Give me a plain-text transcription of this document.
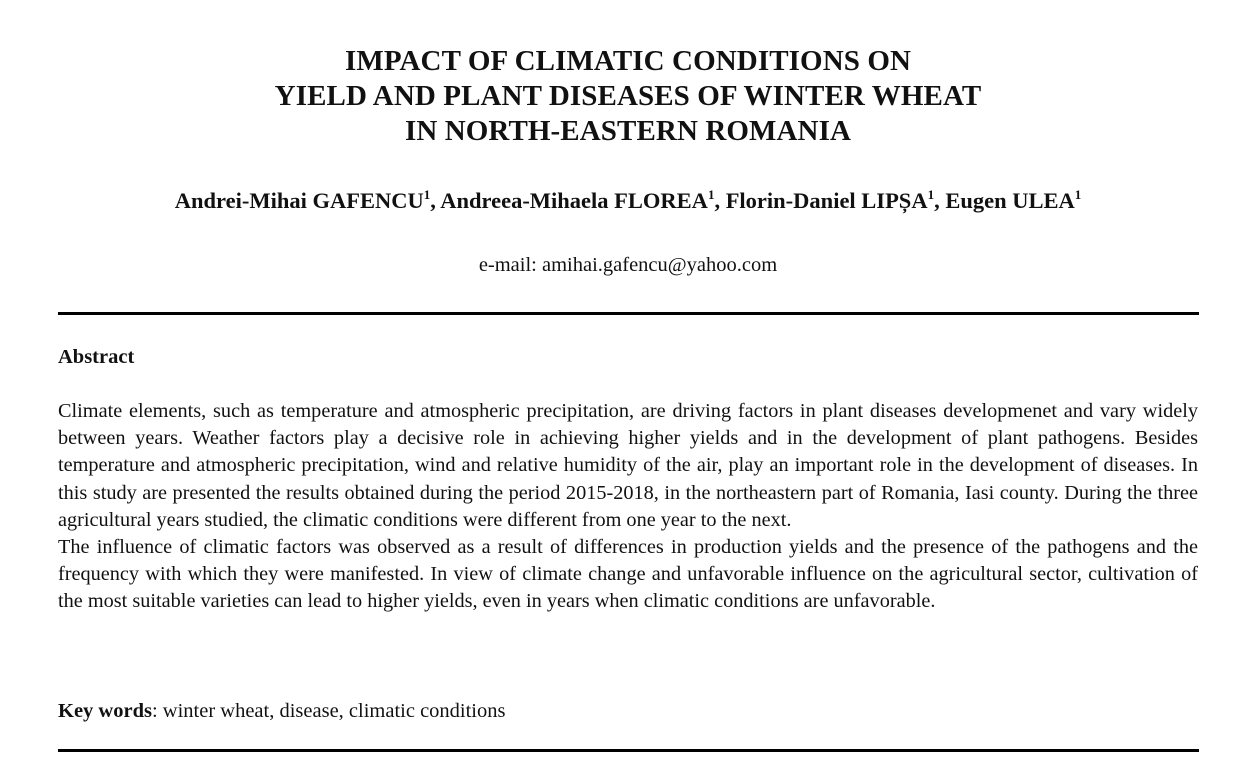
IMPACT OF CLIMATIC CONDITIONS ON
YIELD AND PLANT DISEASES OF WINTER WHEAT
IN NORTH-EASTERN ROMANIA
Andrei-Mihai GAFENCU$^1$, Andreea-Mihaela FLOREA$^1$, Florin-Daniel LIPȘA$^1$, Eugen ULEA$^1$
e-mail: amihai.gafencu@yahoo.com
Abstract

Climate elements, such as temperature and atmospheric precipitation, are driving factors in plant diseases developmenet and vary widely between years. Weather factors play a decisive role in achieving higher yields and in the development of plant pathogens. Besides temperature and atmospheric precipitation, wind and relative humidity of the air, play an important role in the development of diseases. In this study are presented the results obtained during the period 2015-2018, in the northeastern part of Romania, Iasi county. During the three agricultural years studied, the climatic conditions were different from one year to the next.

The influence of climatic factors was observed as a result of differences in production yields and the presence of the pathogens and the frequency with which they were manifested. In view of climate change and unfavorable influence on the agricultural sector, cultivation of the most suitable varieties can lead to higher yields, even in years when climatic conditions are unfavorable.

Key words: winter wheat, disease, climatic conditions
